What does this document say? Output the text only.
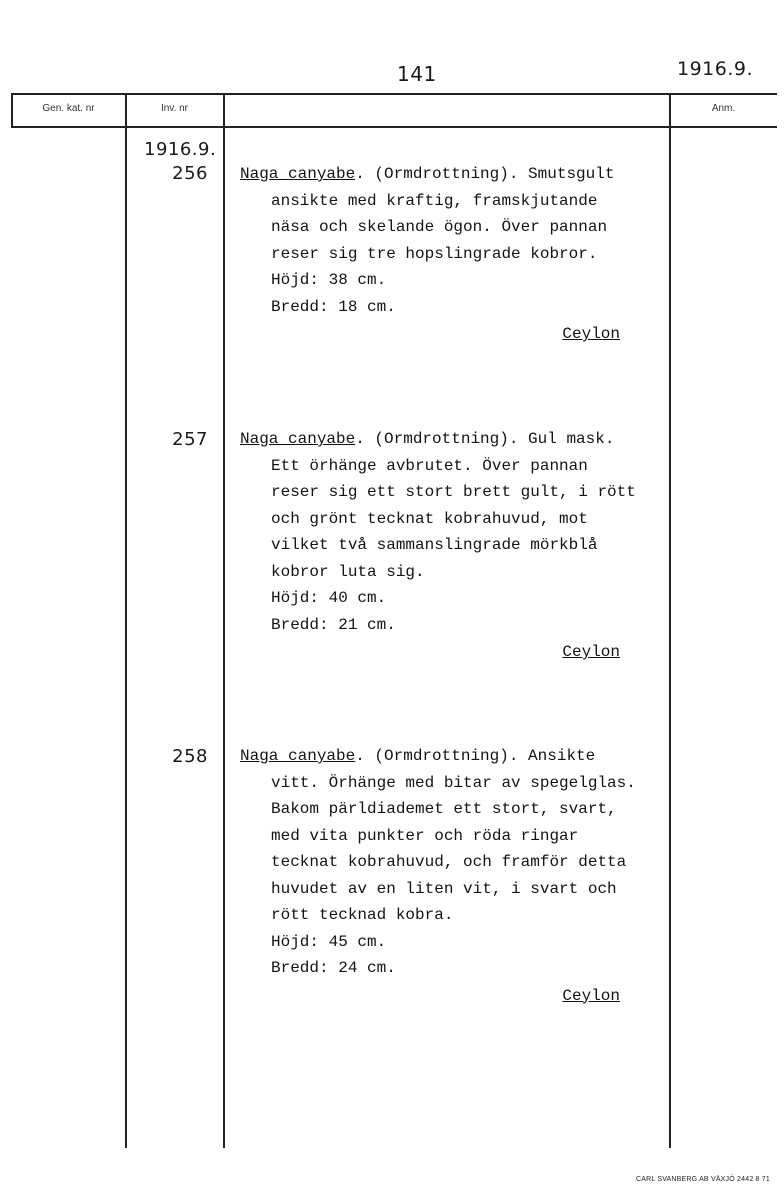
141	1916.9.
Gen. kat. nr	Inv. nr	Anm.
1916.9.
256 Naga canyabe. (Ormdrottning). Smutsgult
ansikte med kraftig, framskjutande
näsa och skelande ögon. Över pannan
reser sig tre hopslingrade kobror.
Höjd: 38 cm.
Bredd: 18 cm.
Ceylon
257 Naga canyabe. (Ormdrottning). Gul mask.
Ett örhänge avbrutet. Över pannan
reser sig ett stort brett gult, i rött
och grönt tecknat kobrahuvud, mot
vilket två sammanslingrade mörkblå
kobror luta sig.
Höjd: 40 cm.
Bredd: 21 cm.
Ceylon
258 Naga canyabe. (Ormdrottning). Ansikte
vitt. Örhänge med bitar av spegelglas.
Bakom pärldiademet ett stort, svart,
med vita punkter och röda ringar
tecknat kobrahuvud, och framför detta
huvudet av en liten vit, i svart och
rött tecknad kobra.
Höjd: 45 cm.
Bredd: 24 cm.
Ceylon
CARL SVANBERG AB VÄXJÖ 2442 8 71
